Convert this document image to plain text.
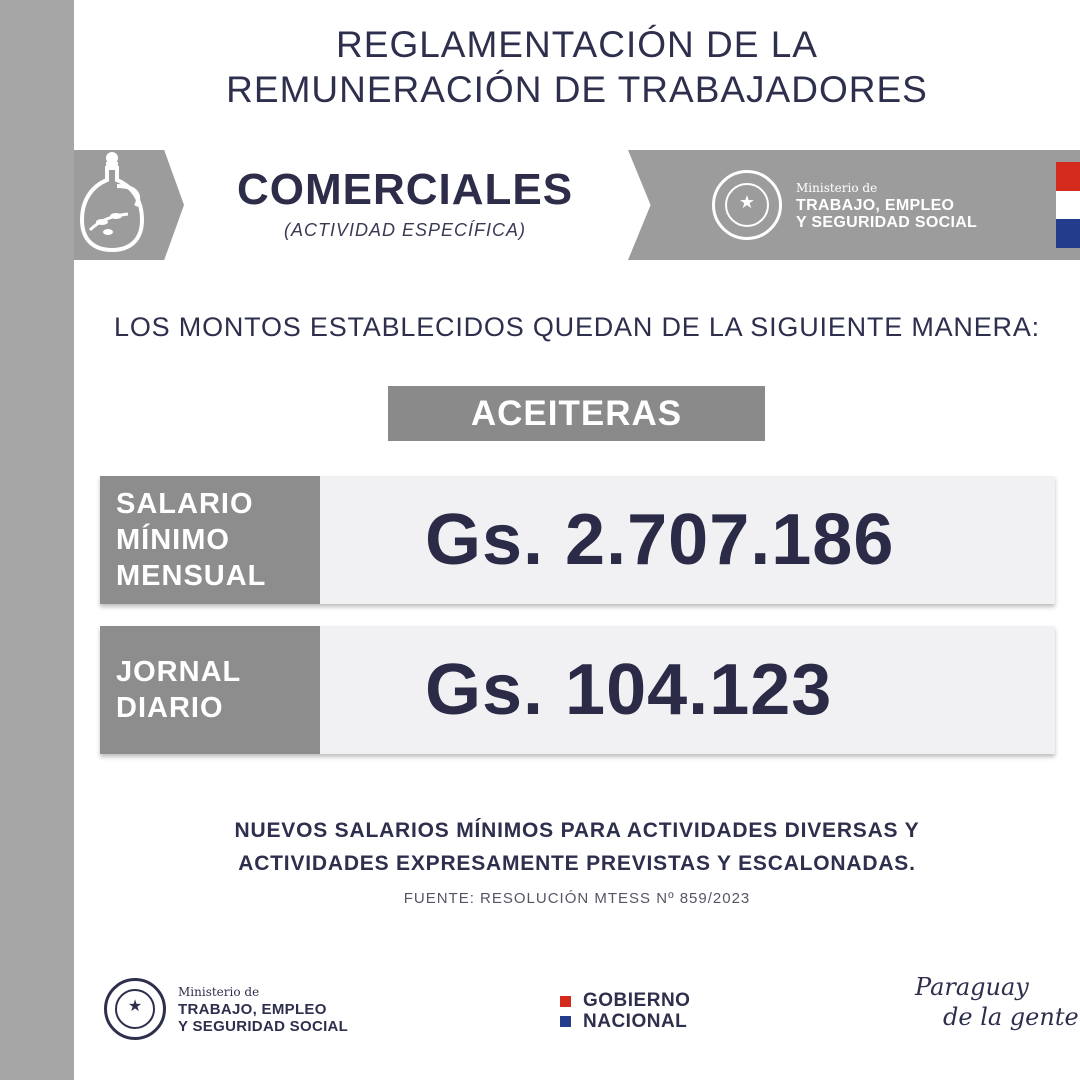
REGLAMENTACIÓN DE LA
REMUNERACIÓN DE TRABAJADORES
COMERCIALES
(ACTIVIDAD ESPECÍFICA)
★
Ministerio de
TRABAJO, EMPLEO
Y SEGURIDAD SOCIAL
LOS MONTOS ESTABLECIDOS QUEDAN DE LA SIGUIENTE MANERA:
ACEITERAS
SALARIO
MÍNIMO
MENSUAL	Gs. 2.707.186
JORNAL
DIARIO	Gs. 104.123
NUEVOS SALARIOS MÍNIMOS PARA ACTIVIDADES DIVERSAS Y
ACTIVIDADES EXPRESAMENTE PREVISTAS Y ESCALONADAS.
FUENTE: RESOLUCIÓN MTESS Nº 859/2023
★
Ministerio de
TRABAJO, EMPLEO
Y SEGURIDAD SOCIAL
GOBIERNO
NACIONAL
Paraguay
de la gente
